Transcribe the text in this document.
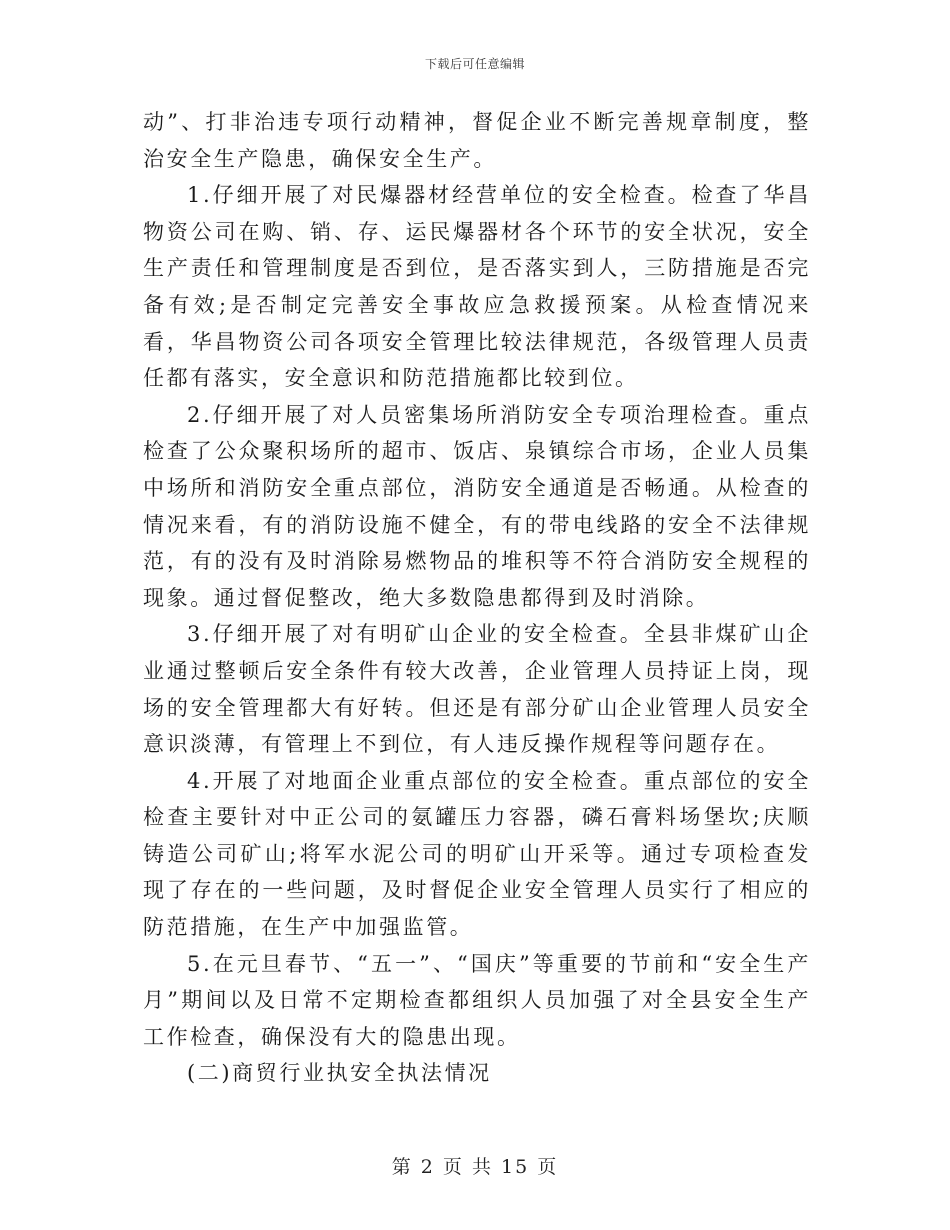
下载后可任意编辑

动”、打非治违专项行动精神，督促企业不断完善规章制度，整治安全生产隐患，确保安全生产。

1.仔细开展了对民爆器材经营单位的安全检查。检查了华昌物资公司在购、销、存、运民爆器材各个环节的安全状况，安全生产责任和管理制度是否到位，是否落实到人，三防措施是否完备有效;是否制定完善安全事故应急救援预案。从检查情况来看，华昌物资公司各项安全管理比较法律规范，各级管理人员责任都有落实，安全意识和防范措施都比较到位。

2.仔细开展了对人员密集场所消防安全专项治理检查。重点检查了公众聚积场所的超市、饭店、泉镇综合市场，企业人员集中场所和消防安全重点部位，消防安全通道是否畅通。从检查的情况来看，有的消防设施不健全，有的带电线路的安全不法律规范，有的没有及时消除易燃物品的堆积等不符合消防安全规程的现象。通过督促整改，绝大多数隐患都得到及时消除。

3.仔细开展了对有明矿山企业的安全检查。全县非煤矿山企业通过整顿后安全条件有较大改善，企业管理人员持证上岗，现场的安全管理都大有好转。但还是有部分矿山企业管理人员安全意识淡薄，有管理上不到位，有人违反操作规程等问题存在。

4.开展了对地面企业重点部位的安全检查。重点部位的安全检查主要针对中正公司的氨罐压力容器，磷石膏料场堡坎;庆顺铸造公司矿山;将军水泥公司的明矿山开采等。通过专项检查发现了存在的一些问题，及时督促企业安全管理人员实行了相应的防范措施，在生产中加强监管。

5.在元旦春节、“五一”、“国庆”等重要的节前和“安全生产月”期间以及日常不定期检查都组织人员加强了对全县安全生产工作检查，确保没有大的隐患出现。

(二)商贸行业执安全执法情况

第 2 页 共 15 页
